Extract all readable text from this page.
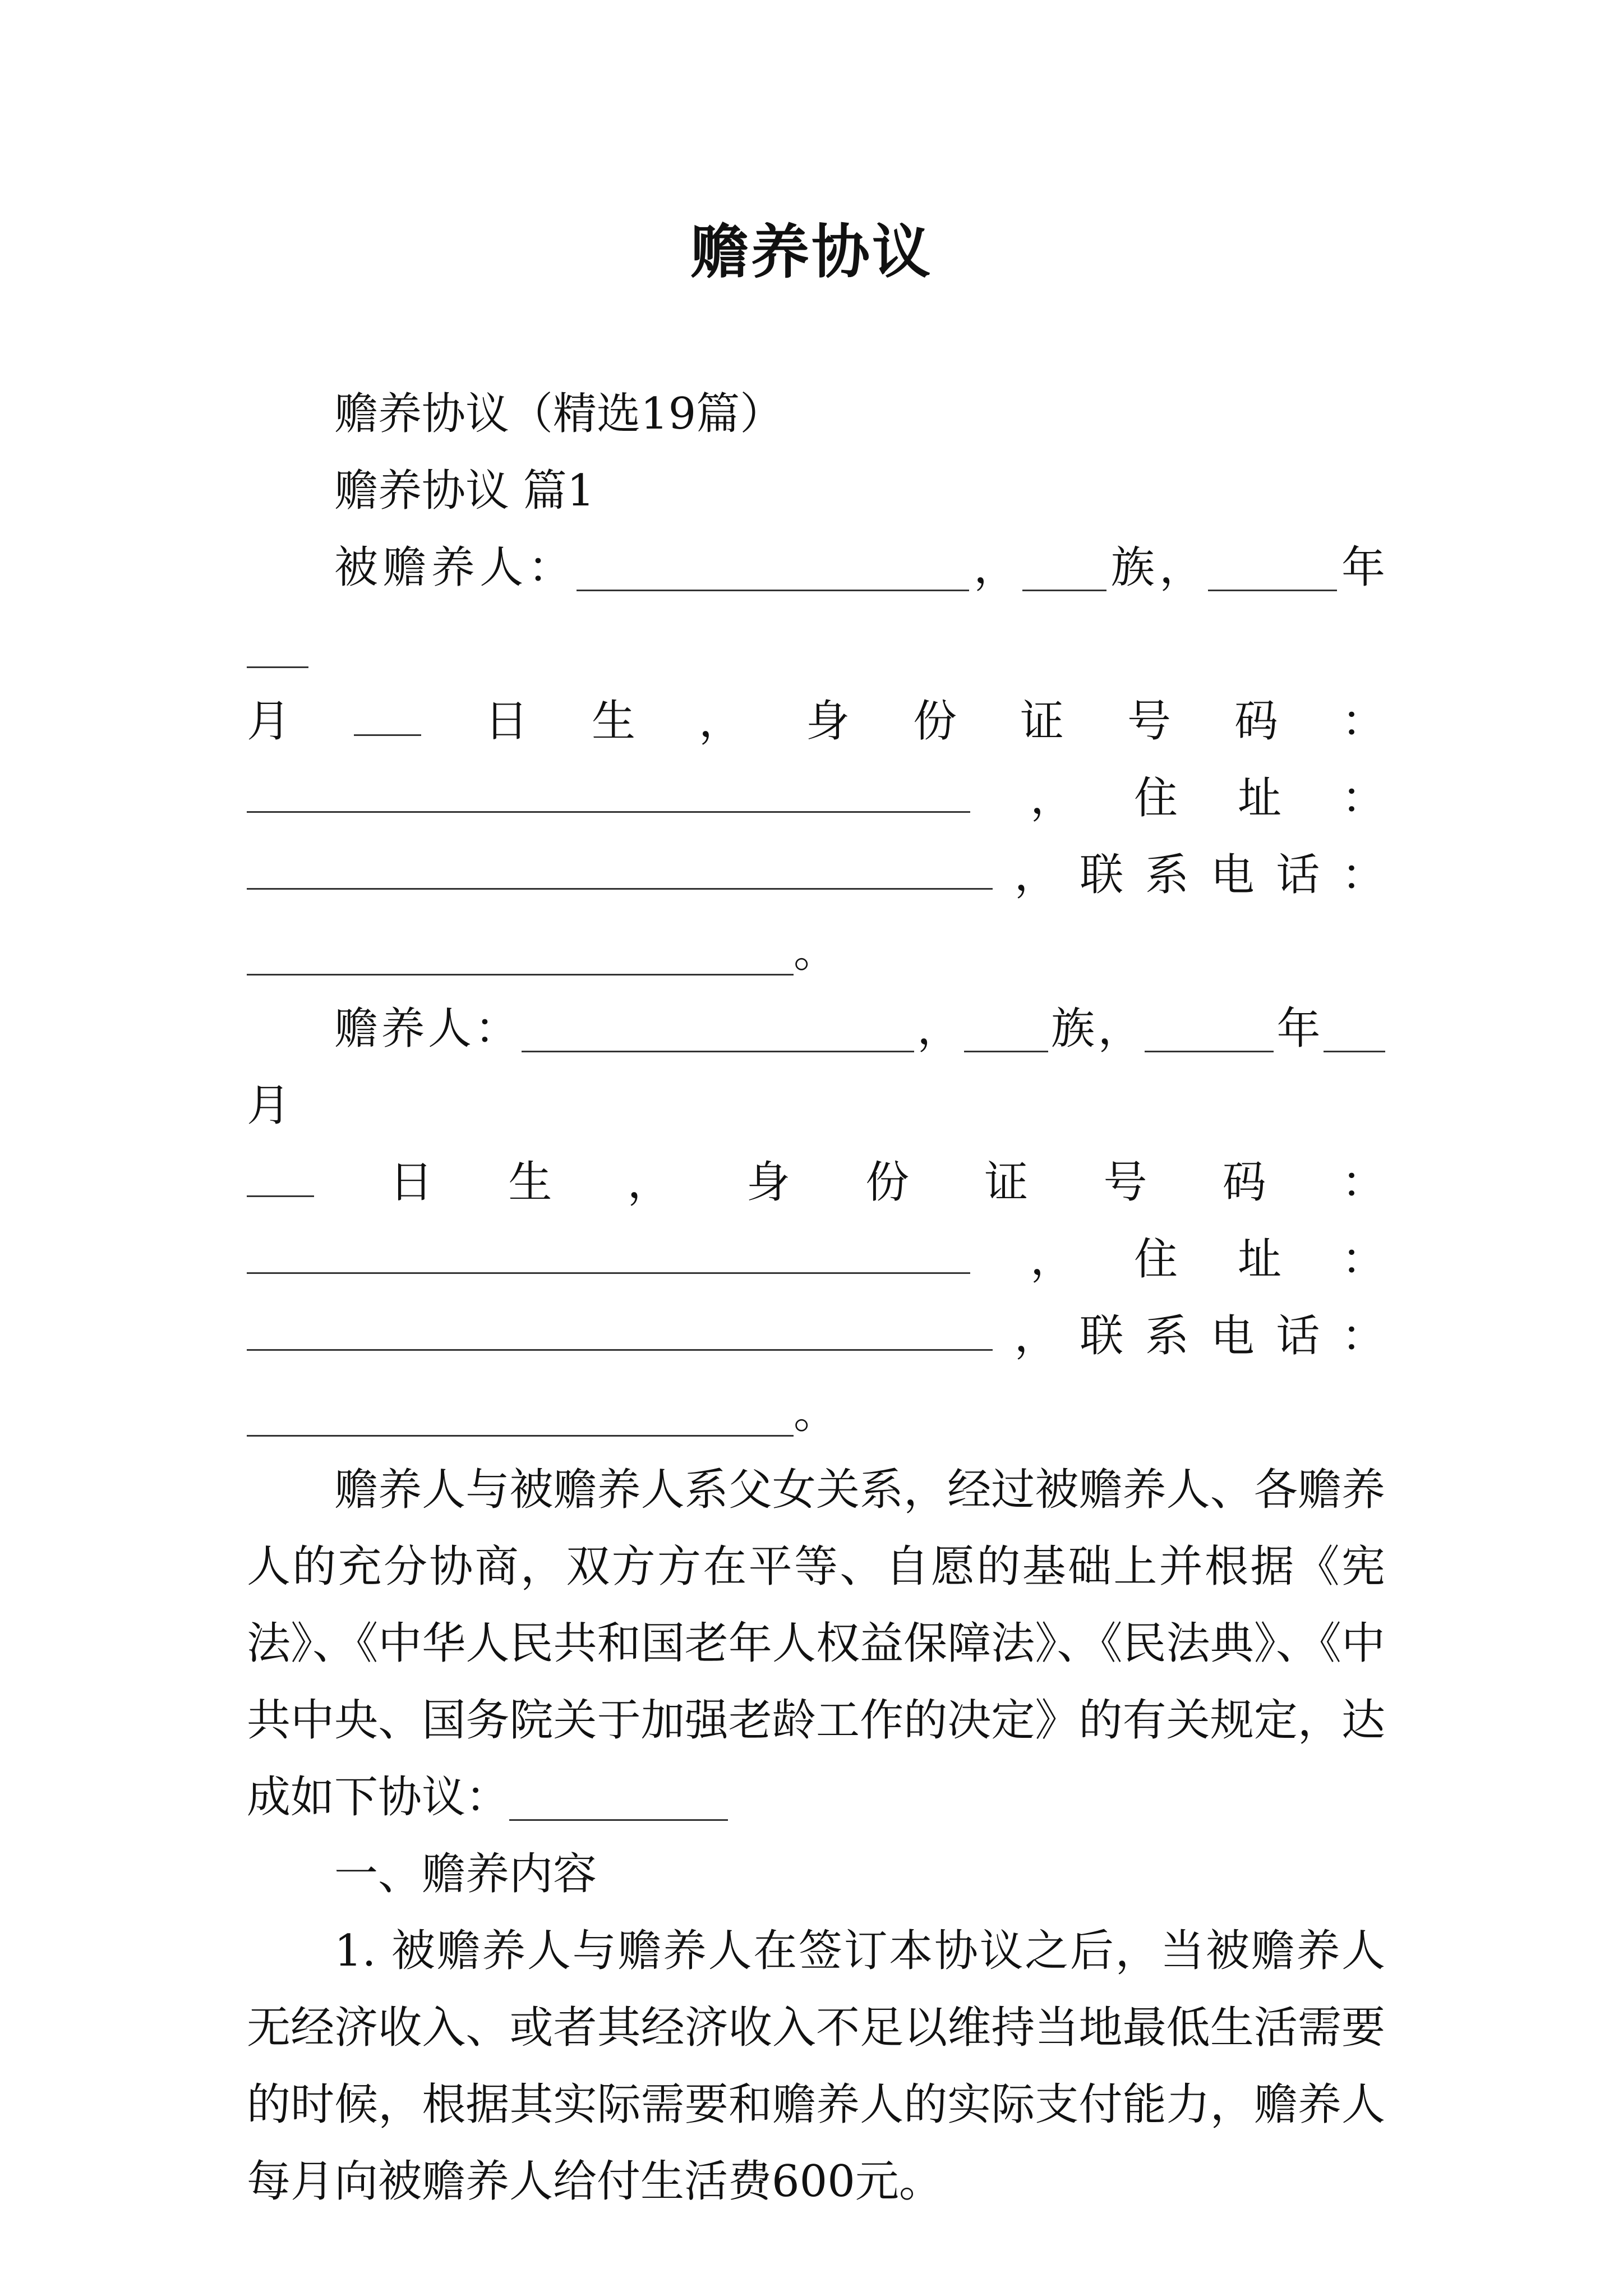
赡养协议

赡养协议（精选19篇）

赡养协议 篇1

被赡养人：	， 族，	年

月	日 生 ， 身 份 证 号 码 ：
， 住 址 ：
， 联 系 电 话 ：
。

赡养人：	， 族，	年月

日 生 ， 身 份 证 号 码 ：
， 住 址 ：
， 联 系 电 话 ：
。

赡养人与被赡养人系父女关系，经过被赡养人、各赡养人的充分协商，双方方在平等、自愿的基础上并根据《宪法》、《中华人民共和国老年人权益保障法》、《民法典》、《中共中央、国务院关于加强老龄工作的决定》的有关规定，达成如下协议：

一、赡养内容

1. 被赡养人与赡养人在签订本协议之后，当被赡养人无经济收入、或者其经济收入不足以维持当地最低生活需要的时候，根据其实际需要和赡养人的实际支付能力，赡养人每月向被赡养人给付生活费600元。
